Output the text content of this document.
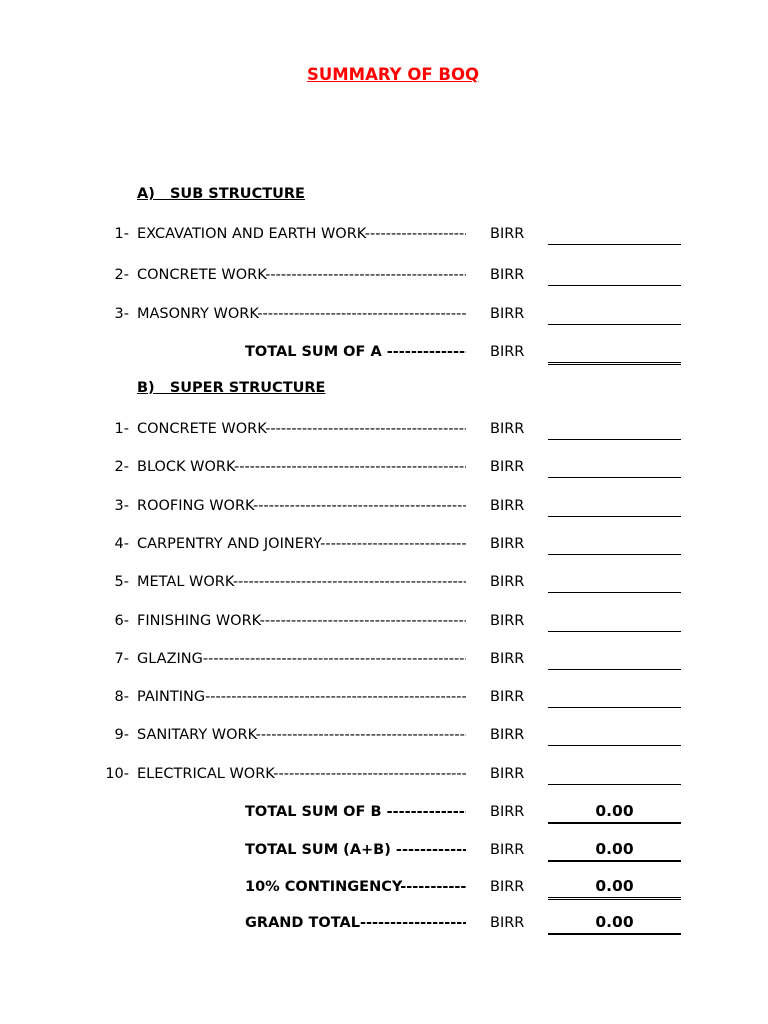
SUMMARY OF BOQ
A)   SUB STRUCTURE
1- EXCAVATION AND EARTH WORK -----	BIRR
2- CONCRETE WORK -----	BIRR
3- MASONRY WORK -----	BIRR
TOTAL SUM OF A -----	BIRR
B)   SUPER STRUCTURE
1- CONCRETE WORK -----	BIRR
2- BLOCK WORK -----	BIRR
3- ROOFING WORK -----	BIRR
4- CARPENTRY AND JOINERY -----	BIRR
5- METAL WORK -----	BIRR
6- FINISHING WORK -----	BIRR
7- GLAZING -----	BIRR
8- PAINTING -----	BIRR
9- SANITARY WORK -----	BIRR
10- ELECTRICAL WORK -----	BIRR
TOTAL SUM OF B -----	BIRR	0.00
TOTAL SUM (A+B) -----	BIRR	0.00
10% CONTINGENCY -----	BIRR	0.00
GRAND TOTAL -----	BIRR	0.00
